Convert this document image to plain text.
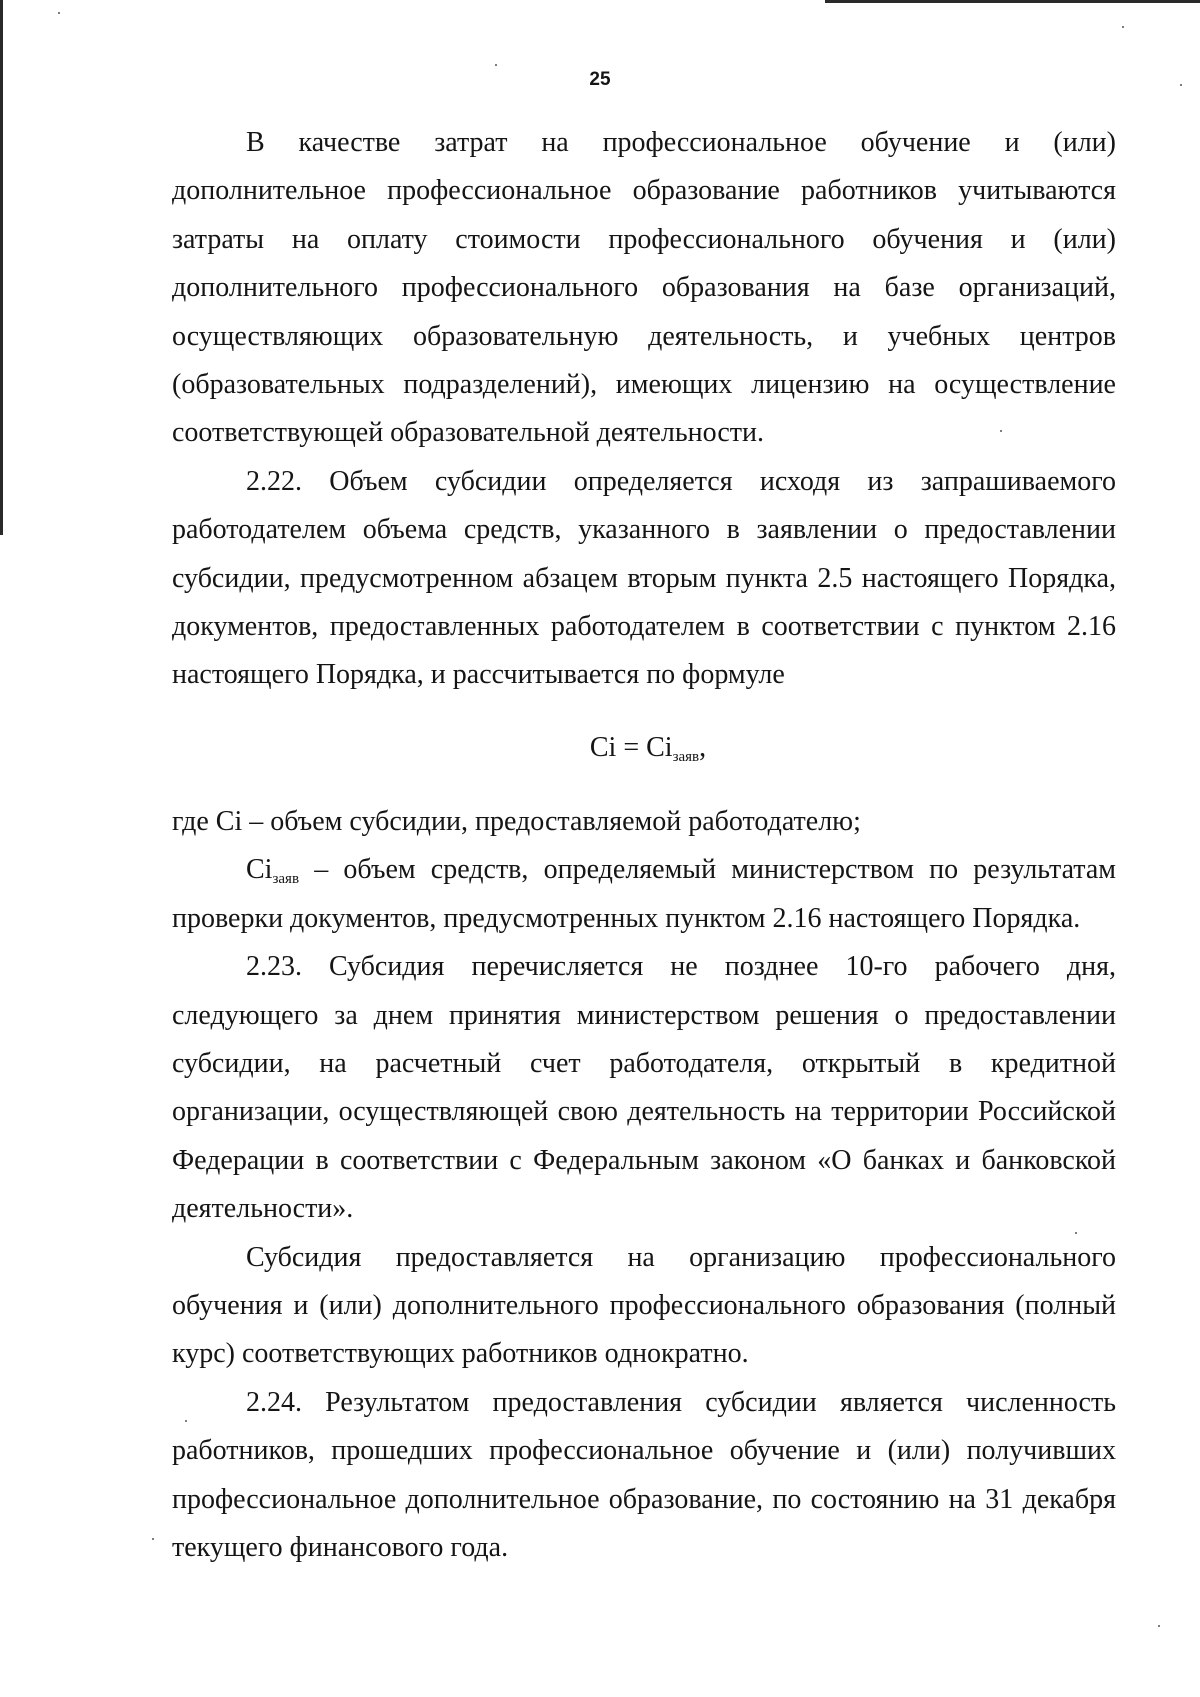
25

В качестве затрат на профессиональное обучение и (или) дополнительное профессиональное образование работников учитываются затраты на оплату стоимости профессионального обучения и (или) дополнительного профессионального образования на базе организаций, осуществляющих образовательную деятельность, и учебных центров (образовательных подразделений), имеющих лицензию на осуществление соответствующей образовательной деятельности.

2.22. Объем субсидии определяется исходя из запрашиваемого работодателем объема средств, указанного в заявлении о предоставлении субсидии, предусмотренном абзацем вторым пункта 2.5 настоящего Порядка, документов, предоставленных работодателем в соответствии с пунктом 2.16 настоящего Порядка, и рассчитывается по формуле

$Ci = Ci_{заяв}$,

где Ci – объем субсидии, предоставляемой работодателю;

$Ci_{заяв}$ – объем средств, определяемый министерством по результатам проверки документов, предусмотренных пунктом 2.16 настоящего Порядка.

2.23. Субсидия перечисляется не позднее 10-го рабочего дня, следующего за днем принятия министерством решения о предоставлении субсидии, на расчетный счет работодателя, открытый в кредитной организации, осуществляющей свою деятельность на территории Российской Федерации в соответствии с Федеральным законом «О банках и банковской деятельности».

Субсидия предоставляется на организацию профессионального обучения и (или) дополнительного профессионального образования (полный курс) соответствующих работников однократно.

2.24. Результатом предоставления субсидии является численность работников, прошедших профессиональное обучение и (или) получивших профессиональное дополнительное образование, по состоянию на 31 декабря текущего финансового года.
